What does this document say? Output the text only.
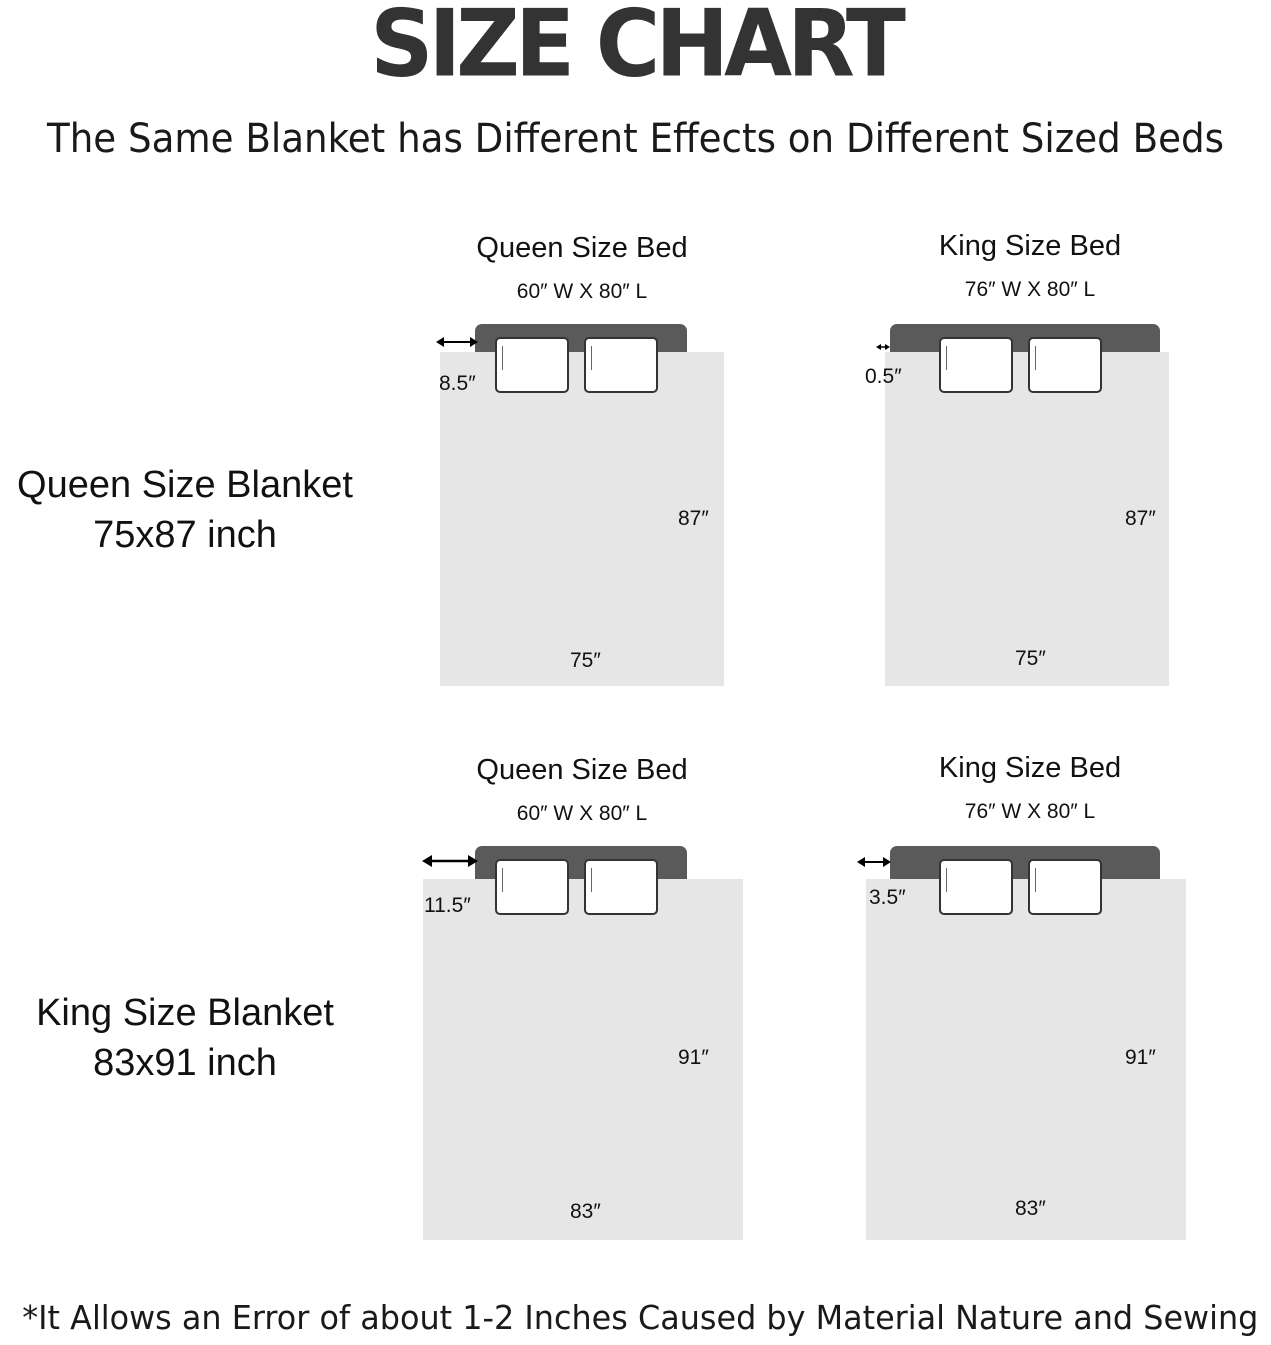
SIZE CHART
The Same Blanket has Different Effects on Different Sized Beds
Queen Size Blanket
75x87 inch
King Size Blanket
83x91 inch
Queen Size Bed
60″ W X 80″ L
8.5″
87″
75″
King Size Bed
76″ W X 80″ L
0.5″
87″
75″
Queen Size Bed
60″ W X 80″ L
11.5″
91″
83″
King Size Bed
76″ W X 80″ L
3.5″
91″
83″
*It Allows an Error of about 1-2 Inches Caused by Material Nature and Sewing
